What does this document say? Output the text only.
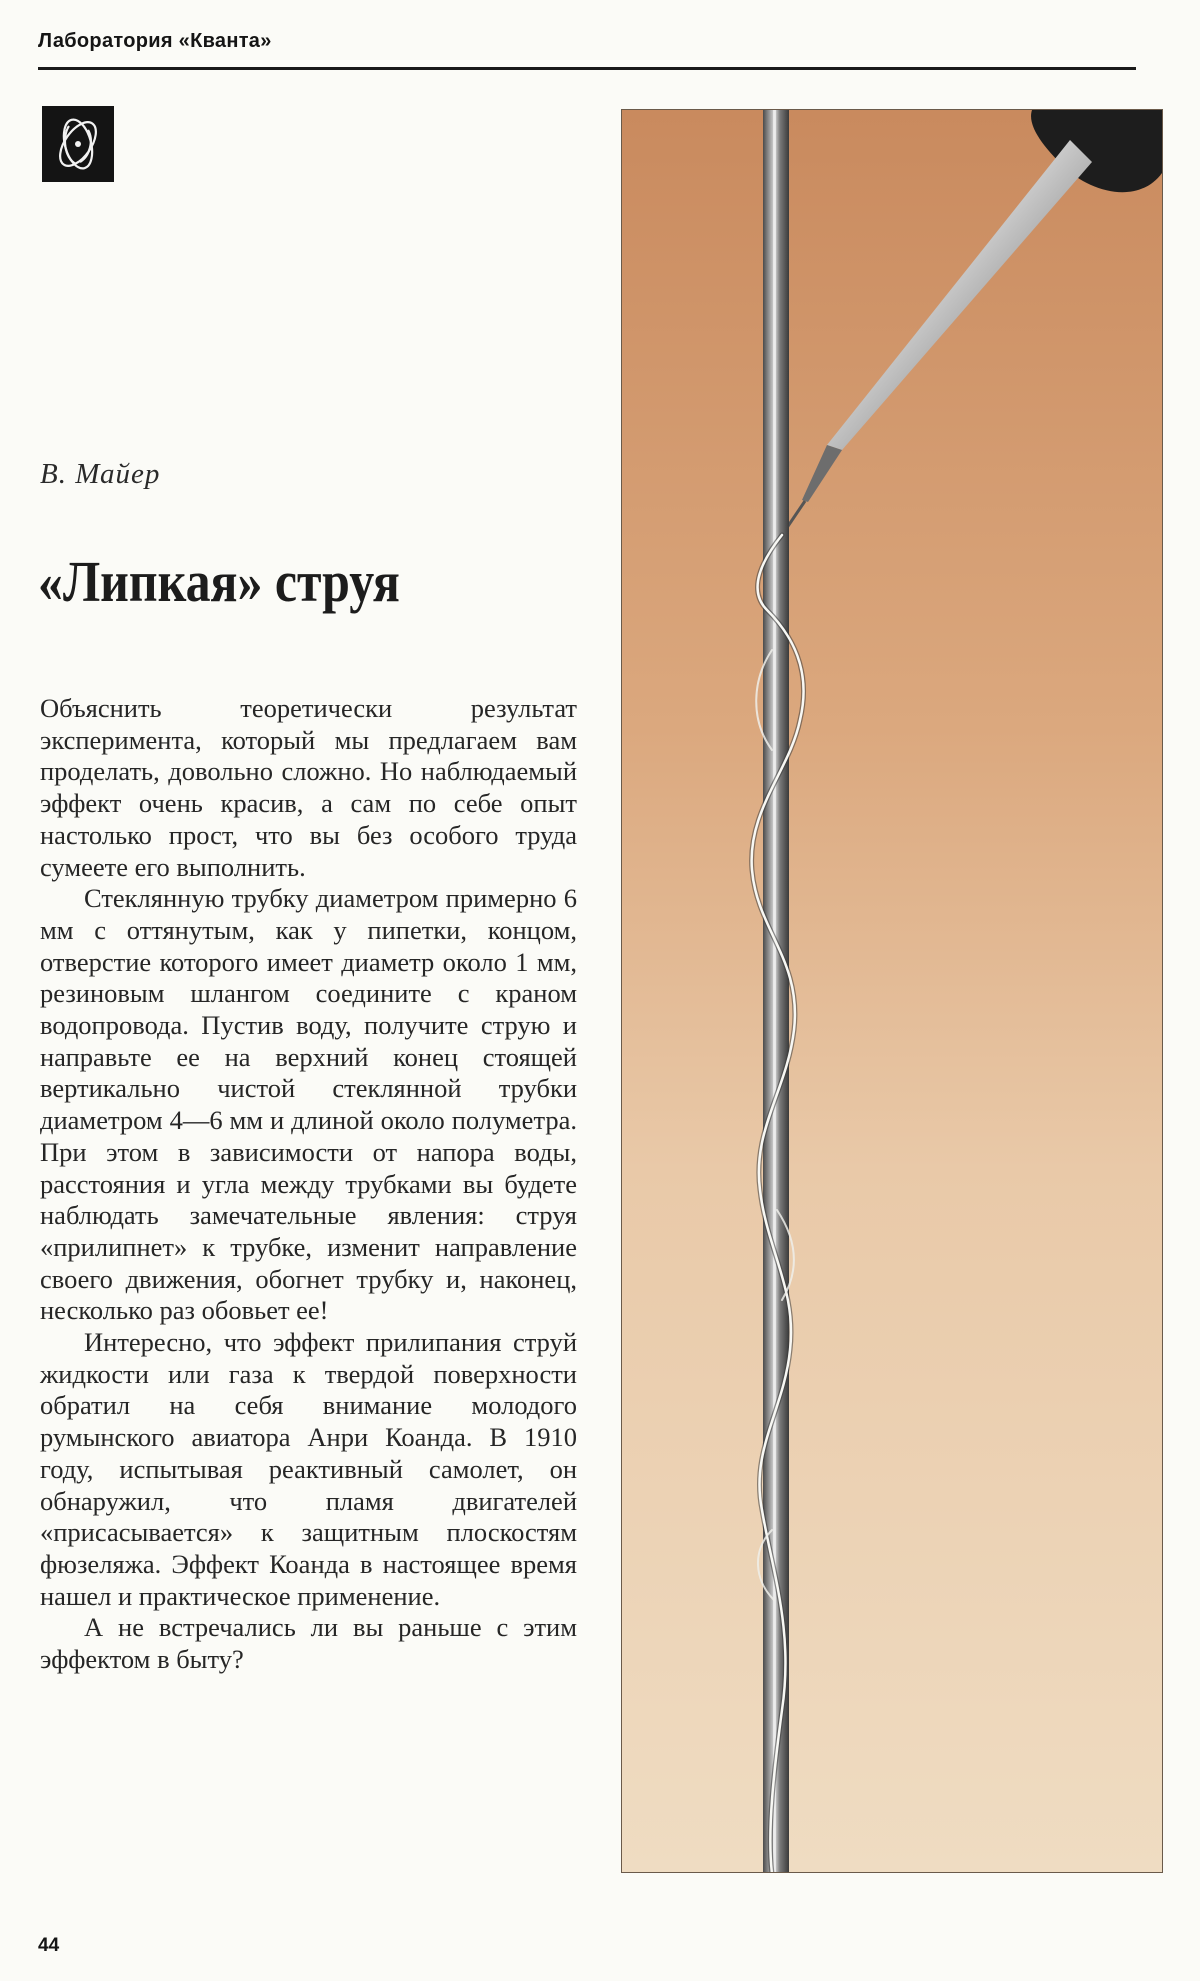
Лаборатория «Кванта»
В. Майер
«Липкая» струя

Объяснить теоретически результат эксперимента, который мы предлагаем вам проделать, довольно сложно. Но наблюдаемый эффект очень красив, а сам по себе опыт настолько прост, что вы без особого труда сумеете его выполнить.

Стеклянную трубку диаметром примерно 6 мм с оттянутым, как у пипетки, концом, отверстие которого имеет диаметр около 1 мм, резиновым шлангом соедините с краном водопровода. Пустив воду, получите струю и направьте ее на верхний конец стоящей вертикально чистой стеклянной трубки диаметром 4—6 мм и длиной около полуметра. При этом в зависимости от напора воды, расстояния и угла между трубками вы будете наблюдать замечательные явления: струя «прилипнет» к трубке, изменит направление своего движения, обогнет трубку и, наконец, несколько раз обовьет ее!

Интересно, что эффект прилипания струй жидкости или газа к твердой поверхности обратил на себя внимание молодого румынского авиатора Анри Коанда. В 1910 году, испытывая реактивный самолет, он обнаружил, что пламя двигателей «присасывается» к защитным плоскостям фюзеляжа. Эффект Коанда в настоящее время нашел и практическое применение.

А не встречались ли вы раньше с этим эффектом в быту?

44
